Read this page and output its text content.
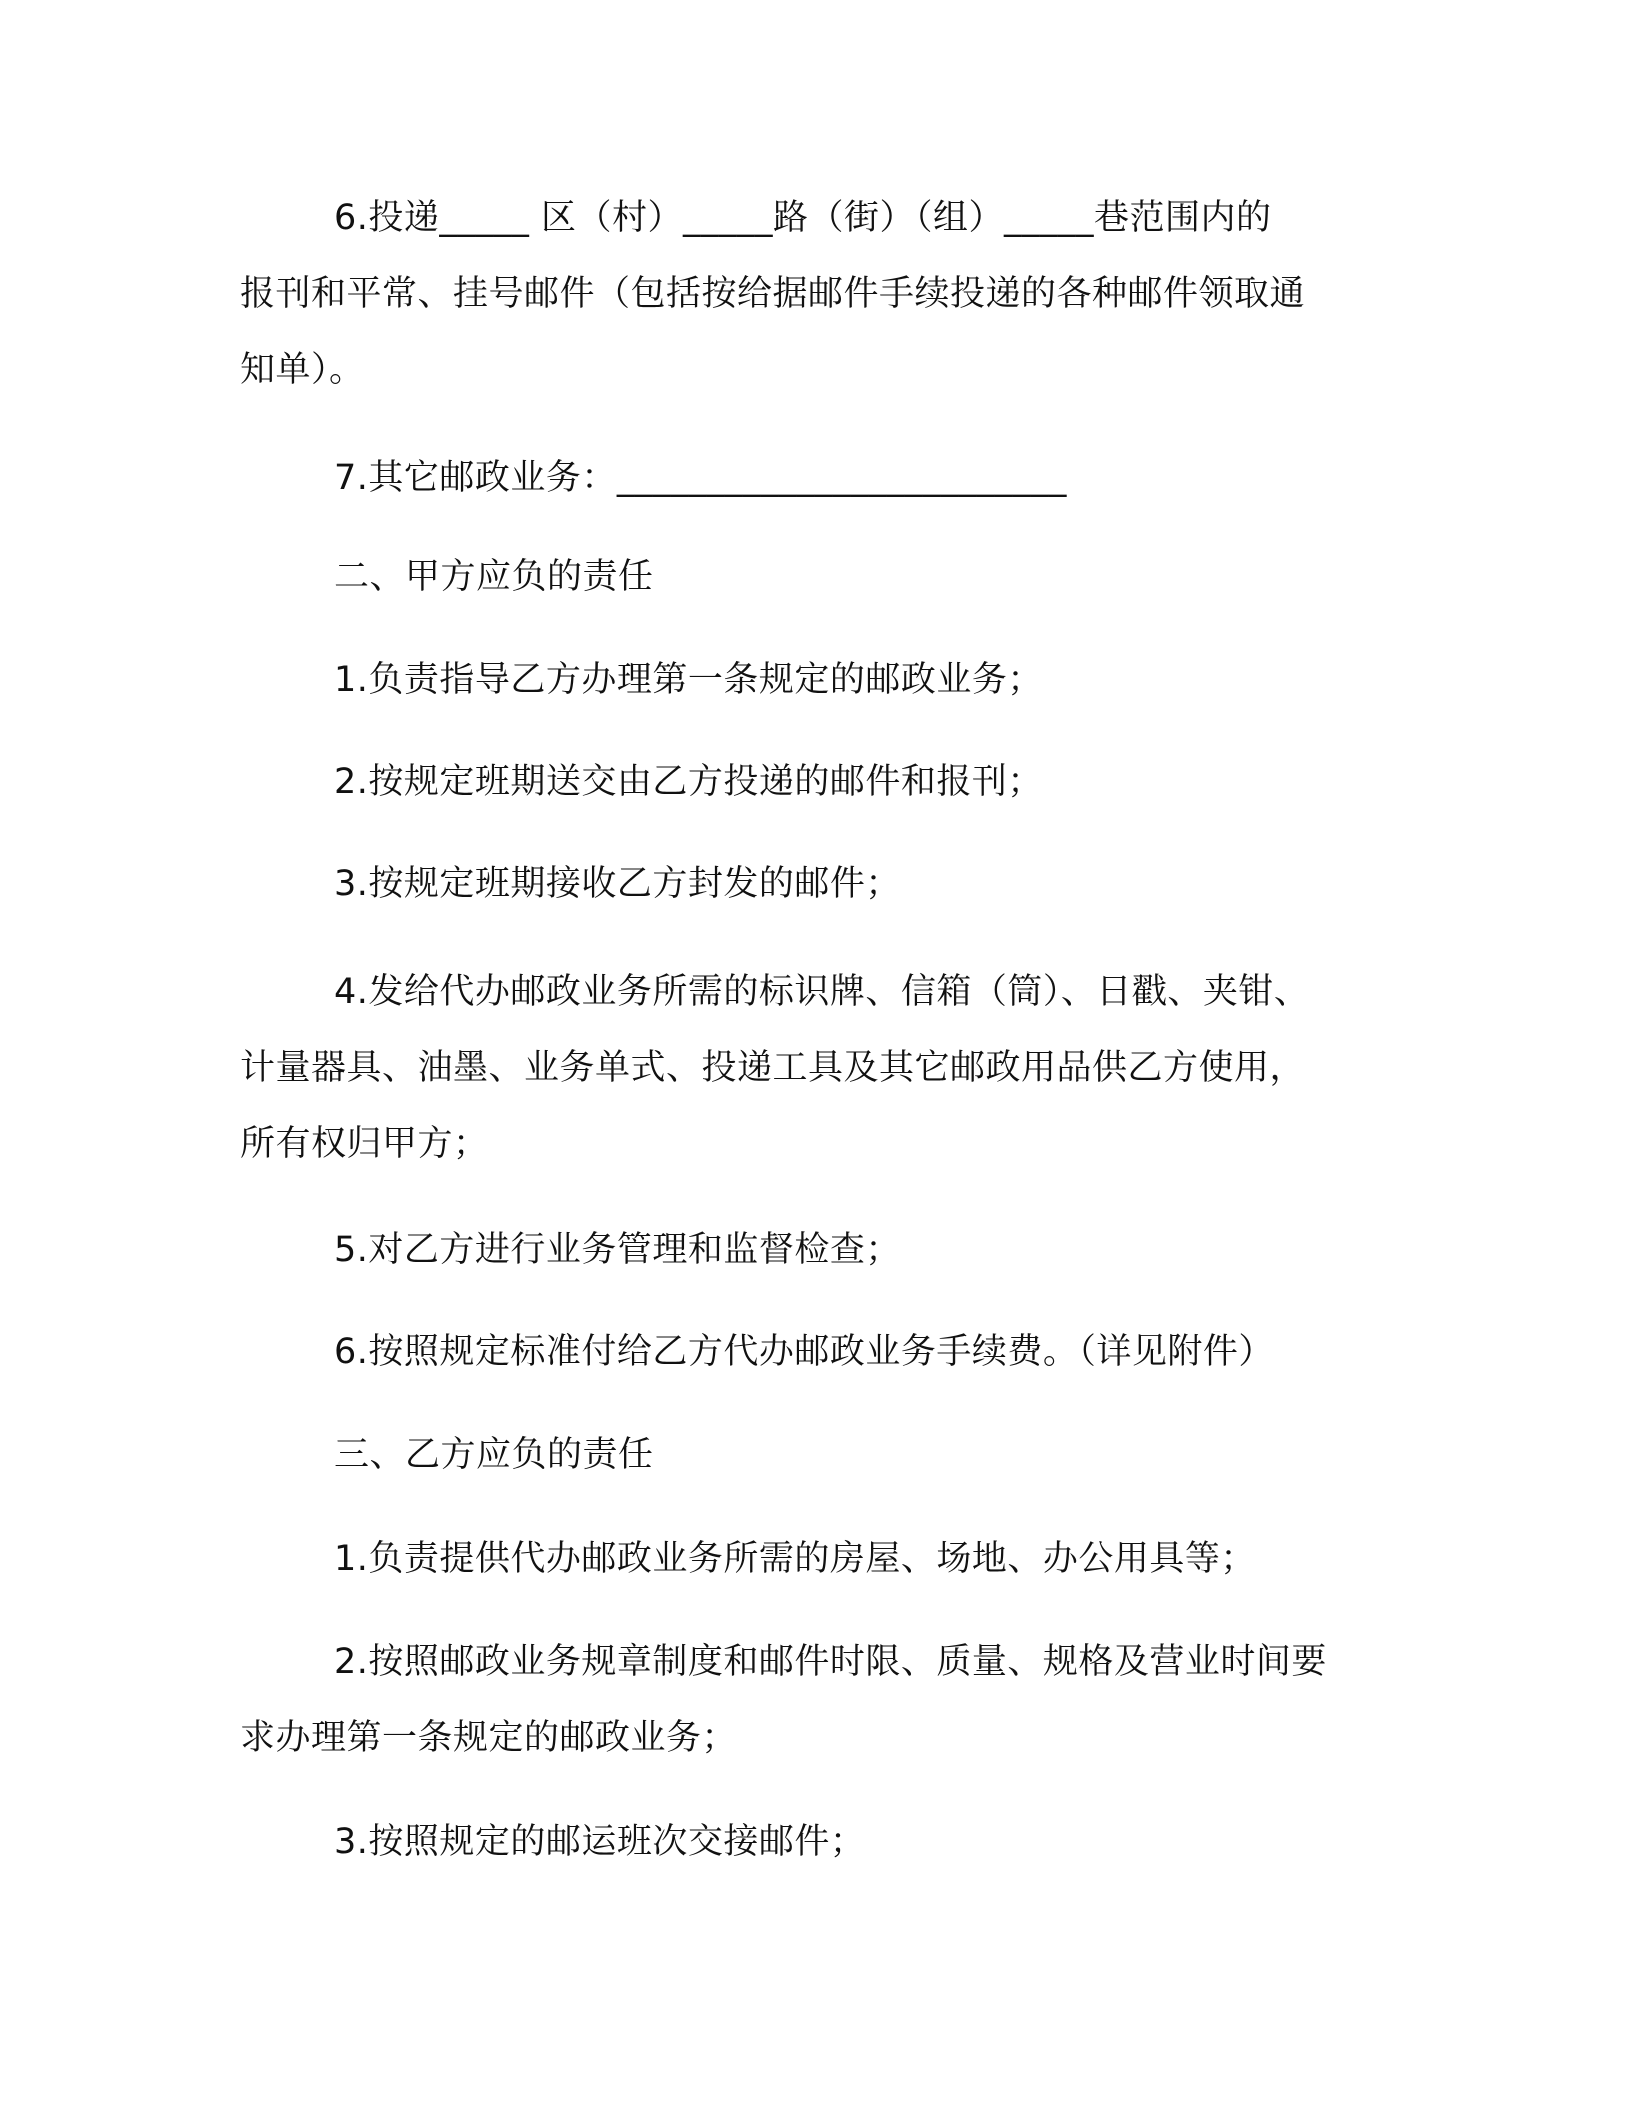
6.投递_____ 区（村）_____路（街）（组）_____巷范围内的
报刊和平常、挂号邮件（包括按给据邮件手续投递的各种邮件领取通
知单）。
7.其它邮政业务：_________________________
二、甲方应负的责任
1.负责指导乙方办理第一条规定的邮政业务；
2.按规定班期送交由乙方投递的邮件和报刊；
3.按规定班期接收乙方封发的邮件；
4.发给代办邮政业务所需的标识牌、信箱（筒）、日戳、夹钳、
计量器具、油墨、业务单式、投递工具及其它邮政用品供乙方使用，
所有权归甲方；
5.对乙方进行业务管理和监督检查；
6.按照规定标准付给乙方代办邮政业务手续费。（详见附件）
三、乙方应负的责任
1.负责提供代办邮政业务所需的房屋、场地、办公用具等；
2.按照邮政业务规章制度和邮件时限、质量、规格及营业时间要
求办理第一条规定的邮政业务；
3.按照规定的邮运班次交接邮件；
